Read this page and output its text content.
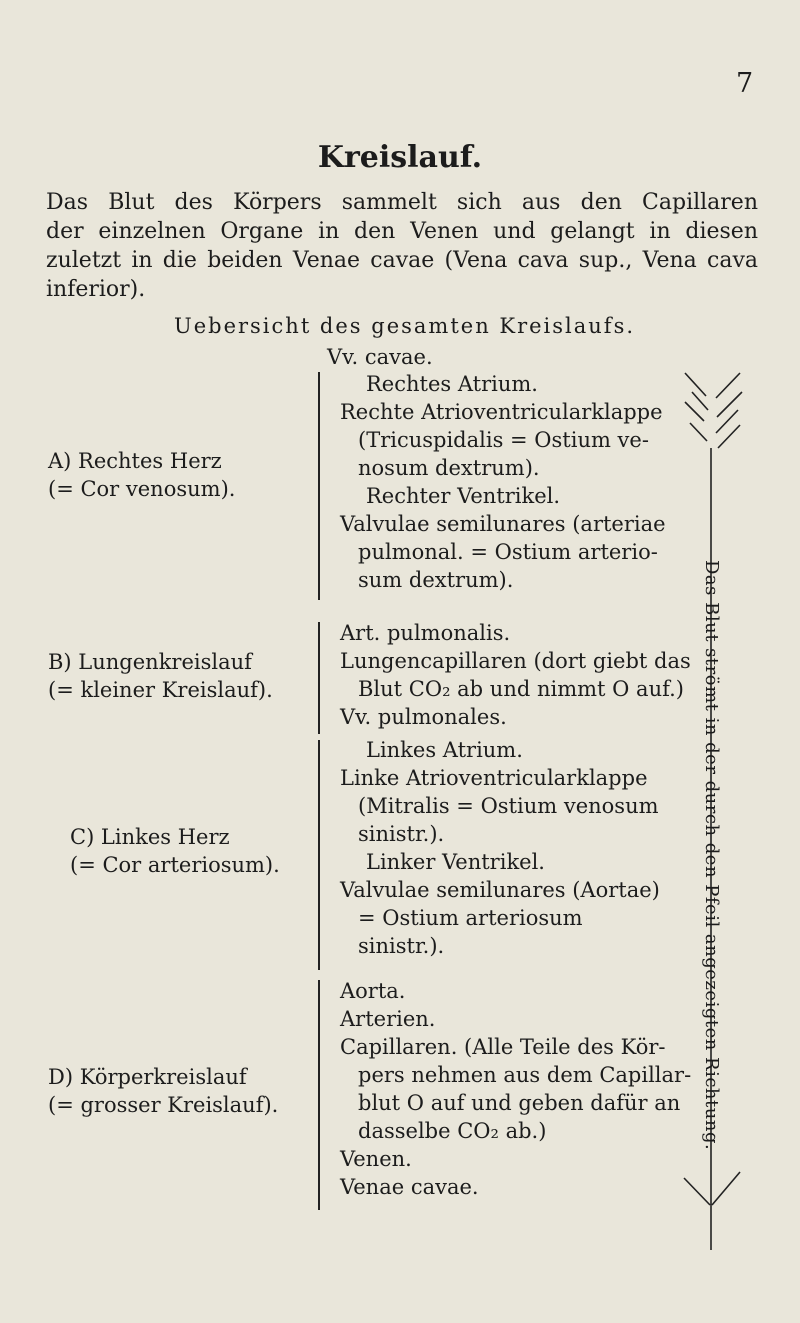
7
Kreislauf.
Das Blut des Körpers sammelt sich aus den Capillaren
der einzelnen Organe in den Venen und gelangt in diesen
zuletzt in die beiden Venae cavae (Vena cava sup., Vena cava
inferior).
Uebersicht des gesamten Kreislaufs.
Vv. cavae.
A) Rechtes Herz
(= Cor venosum).
Rechtes Atrium.
Rechte Atrioventricularklappe
(Tricuspidalis = Ostium ve-
nosum dextrum).
Rechter Ventrikel.
Valvulae semilunares (arteriae
pulmonal. = Ostium arterio-
sum dextrum).
B) Lungenkreislauf
(= kleiner Kreislauf).
Art. pulmonalis.
Lungencapillaren (dort giebt das
Blut CO₂ ab und nimmt O auf.)
Vv. pulmonales.
C) Linkes Herz
(= Cor arteriosum).
Linkes Atrium.
Linke Atrioventricularklappe
(Mitralis = Ostium venosum
sinistr.).
Linker Ventrikel.
Valvulae semilunares (Aortae)
= Ostium arteriosum
sinistr.).
D) Körperkreislauf
(= grosser Kreislauf).
Aorta.
Arterien.
Capillaren. (Alle Teile des Kör-
pers nehmen aus dem Capillar-
blut O auf und geben dafür an
dasselbe CO₂ ab.)
Venen.
Venae cavae.
Das Blut strömt in der durch den Pfeil angezeigten Richtung.
